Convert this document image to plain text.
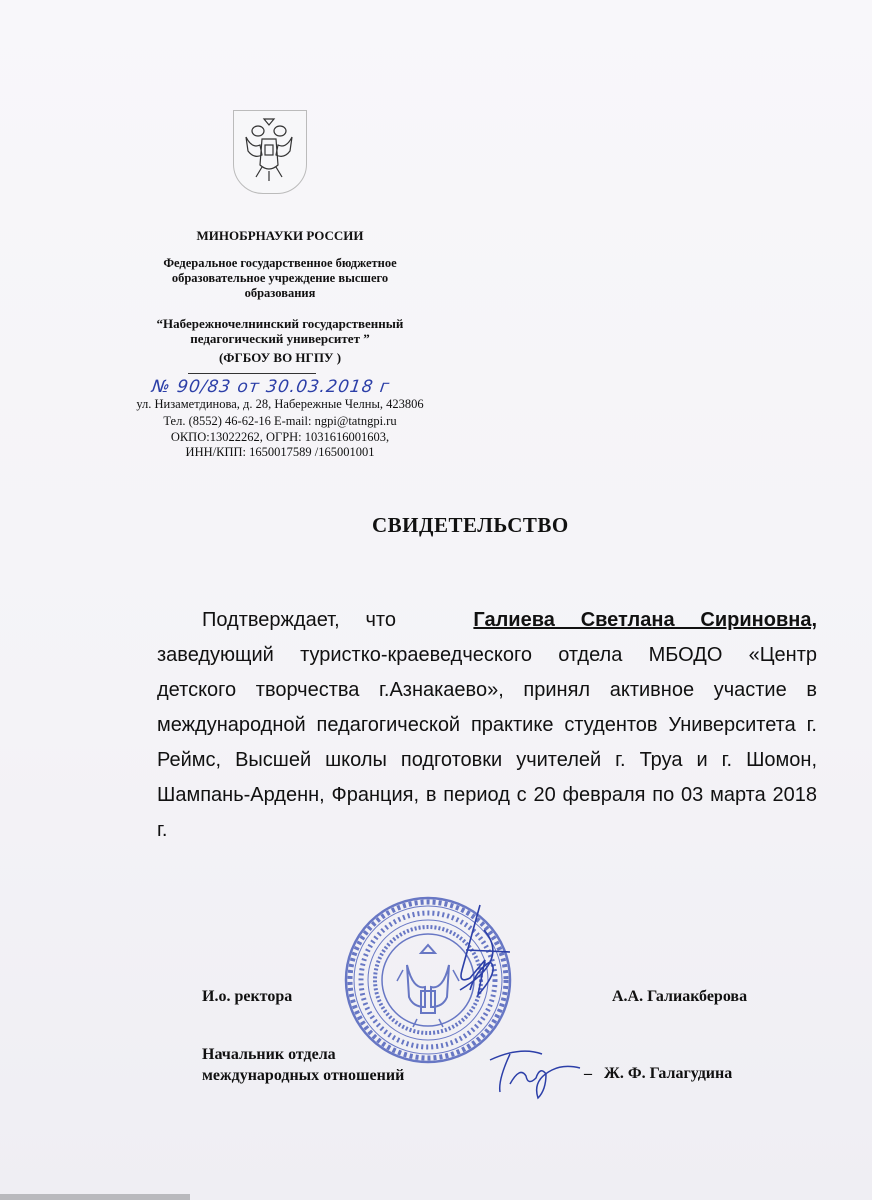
МИНОБРНАУКИ РОССИИ
Федеральное государственное бюджетное
образовательное учреждение высшего
образования
“Набережночелнинский государственный
педагогический университет ”
(ФГБОУ ВО НГПУ )
№ 90/83 от 30.03.2018 г
ул. Низаметдинова, д. 28, Набережные Челны, 423806
Тел. (8552) 46-62-16 E-mail: ngpi@tatngpi.ru
ОКПО:13022262, ОГРН: 1031616001603,
ИНН/КПП: 1650017589 /165001001
СВИДЕТЕЛЬСТВО
Подтверждает, что	Галиева Светлана Сириновна, заведующий туристко-краеведческого отдела МБОДО «Центр детского творчества г.Азнакаево», принял активное участие в международной педагогической практике студентов Университета г. Реймс, Высшей школы подготовки учителей г. Труа и г. Шомон, Шампань-Арденн, Франция, в период с 20 февраля по 03 марта 2018 г.
И.о. ректора	А.А. Галиакберова
Начальник отдела
международных отношений	– Ж. Ф. Галагудина
